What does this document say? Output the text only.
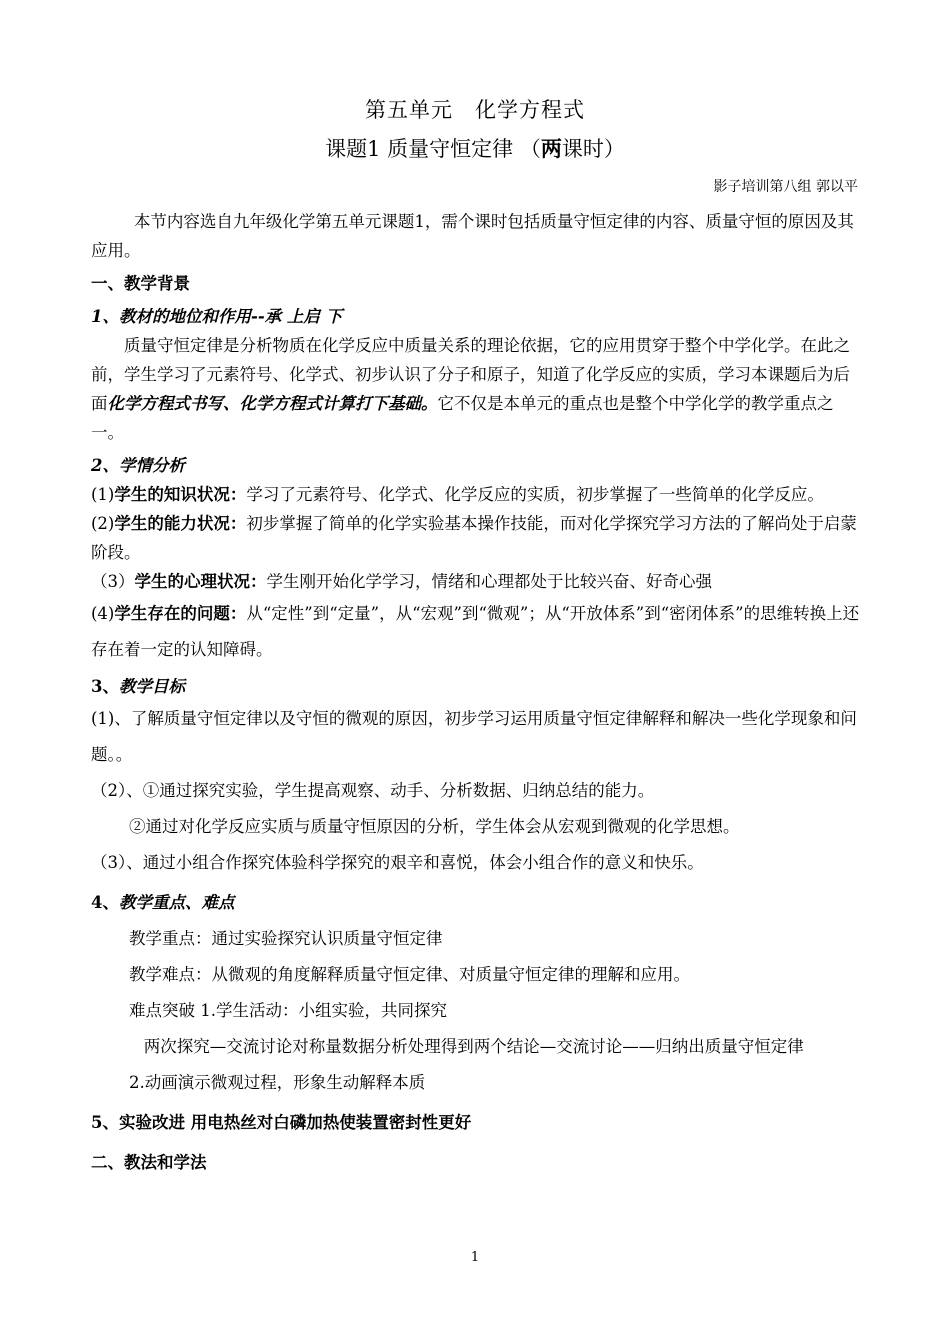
第五单元　化学方程式
课题1 质量守恒定律 （两课时）
影子培训第八组 郭以平

本节内容选自九年级化学第五单元课题1，需个课时包括质量守恒定律的内容、质量守恒的原因及其应用。

一、教学背景

1、教材的地位和作用--承 上启 下

质量守恒定律是分析物质在化学反应中质量关系的理论依据，它的应用贯穿于整个中学化学。在此之前，学生学习了元素符号、化学式、初步认识了分子和原子，知道了化学反应的实质，学习本课题后为后面化学方程式书写、化学方程式计算打下基础。它不仅是本单元的重点也是整个中学化学的教学重点之一。

2、学情分析

(1)学生的知识状况：学习了元素符号、化学式、化学反应的实质，初步掌握了一些简单的化学反应。

(2)学生的能力状况：初步掌握了简单的化学实验基本操作技能，而对化学探究学习方法的了解尚处于启蒙阶段。

（3）学生的心理状况：学生刚开始化学学习，情绪和心理都处于比较兴奋、好奇心强

(4)学生存在的问题：从“定性”到“定量”，从“宏观”到“微观”；从“开放体系”到“密闭体系”的思维转换上还存在着一定的认知障碍。

3、教学目标

(1)、了解质量守恒定律以及守恒的微观的原因，初步学习运用质量守恒定律解释和解决一些化学现象和问题。。

（2）、①通过探究实验，学生提高观察、动手、分析数据、归纳总结的能力。

②通过对化学反应实质与质量守恒原因的分析，学生体会从宏观到微观的化学思想。

（3）、通过小组合作探究体验科学探究的艰辛和喜悦，体会小组合作的意义和快乐。

4、教学重点、难点

教学重点：通过实验探究认识质量守恒定律

教学难点：从微观的角度解释质量守恒定律、对质量守恒定律的理解和应用。

难点突破 1.学生活动：小组实验，共同探究

两次探究—交流讨论对称量数据分析处理得到两个结论—交流讨论——归纳出质量守恒定律

2.动画演示微观过程，形象生动解释本质

5、实验改进 用电热丝对白磷加热使装置密封性更好

二、教法和学法

1
